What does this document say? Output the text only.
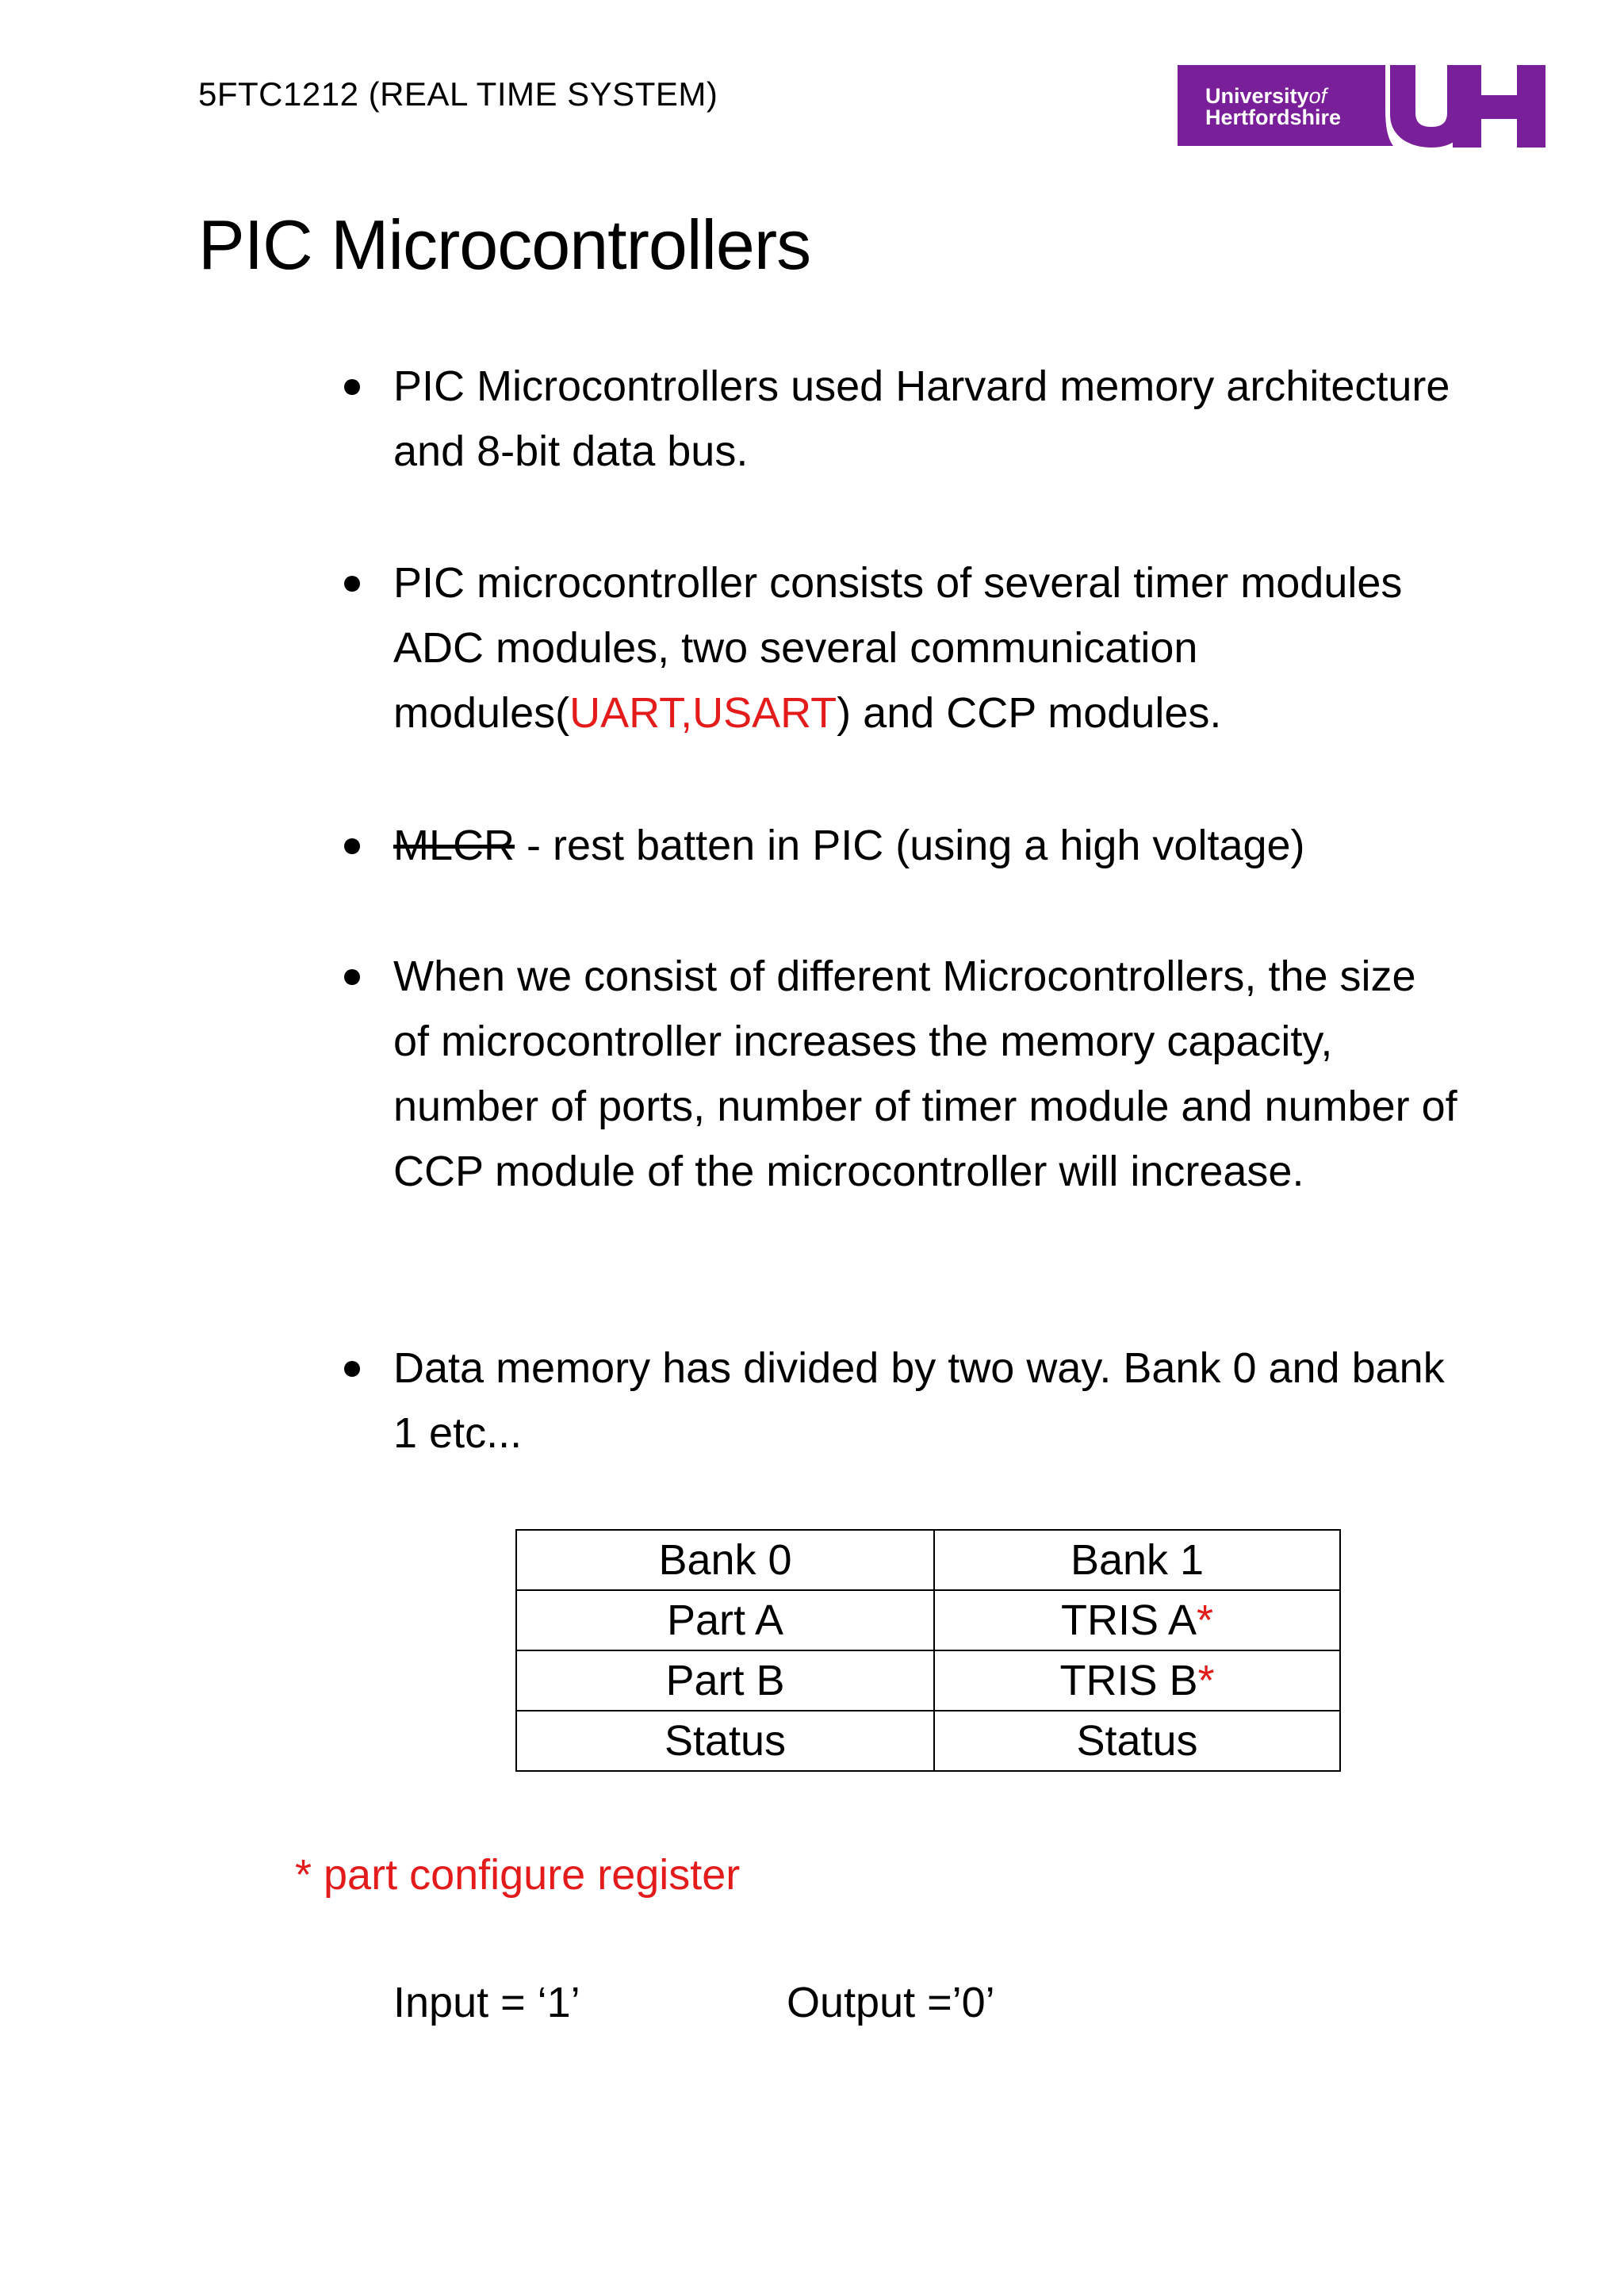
5FTC1212 (REAL TIME SYSTEM)	Universityof
Hertfordshire
PIC Microcontrollers
PIC Microcontrollers used Harvard memory architecture and 8-bit data bus.
PIC microcontroller consists of several timer modules ADC modules, two several communication modules(UART,USART) and CCP modules.
MLCR - rest batten in PIC (using a high voltage)
When we consist of different Microcontrollers, the size of microcontroller increases the memory capacity, number of ports, number of timer module and number of CCP module of the microcontroller will increase.
Data memory has divided by two way. Bank 0 and bank 1 etc...
Bank 0	Bank 1
Part A	TRIS A*
Part B	TRIS B*
Status	Status
* part configure register
Input = ‘1’	Output =’0’
